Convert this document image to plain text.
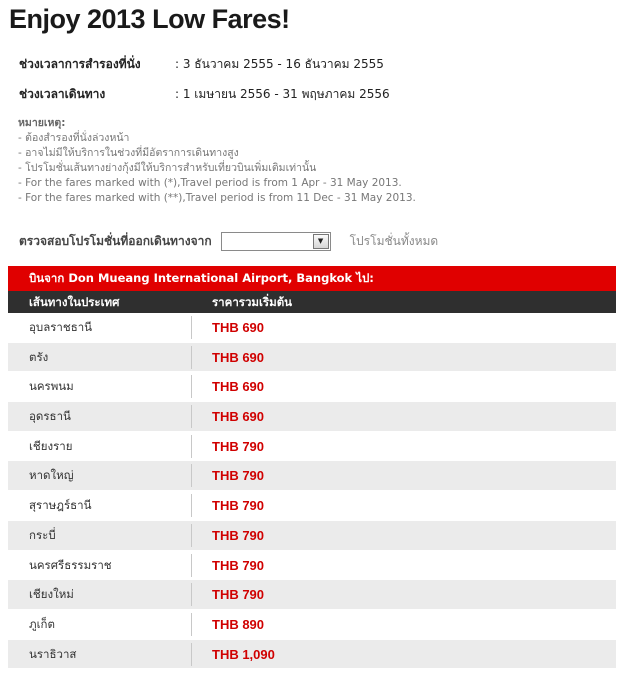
Enjoy 2013 Low Fares!
ช่วงเวลาการสำรองที่นั่ง	: 3 ธันวาคม 2555 - 16 ธันวาคม 2555
ช่วงเวลาเดินทาง	: 1 เมษายน 2556 - 31 พฤษภาคม 2556
หมายเหตุ:
- ต้องสำรองที่นั่งล่วงหน้า
- อาจไม่มีให้บริการในช่วงที่มีอัตราการเดินทางสูง
- โปรโมชั่นเส้นทางย่างกุ้งมีให้บริการสำหรับเที่ยวบินเพิ่มเติมเท่านั้น
- For the fares marked with (*),Travel period is from 1 Apr - 31 May 2013.
- For the fares marked with (**),Travel period is from 11 Dec - 31 May 2013.
ตรวจสอบโปรโมชั่นที่ออกเดินทางจาก	▼	โปรโมชั่นทั้งหมด
บินจาก Don Mueang International Airport, Bangkok ไป:
เส้นทางในประเทศ	ราคารวมเริ่มต้น
อุบลราชธานี	THB 690
ตรัง	THB 690
นครพนม	THB 690
อุดรธานี	THB 690
เชียงราย	THB 790
หาดใหญ่	THB 790
สุราษฎร์ธานี	THB 790
กระบี่	THB 790
นครศรีธรรมราช	THB 790
เชียงใหม่	THB 790
ภูเก็ต	THB 890
นราธิวาส	THB 1,090
